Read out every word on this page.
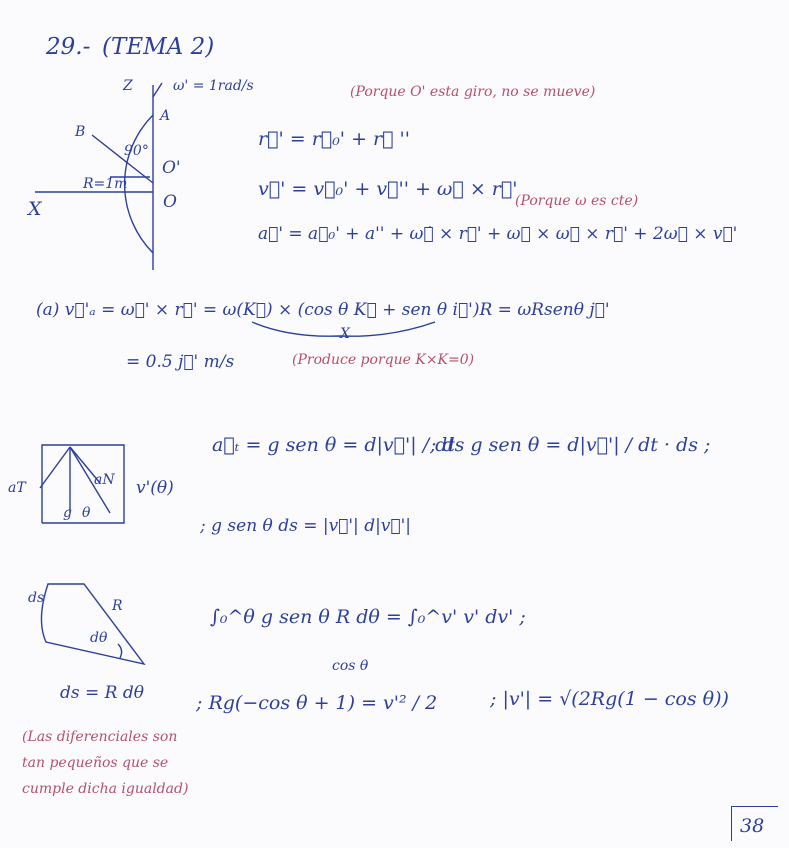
29.- (TEMA 2)
Z	ω' = 1rad/s
A
B
90°
O'
O
R=1m
X
(Porque O' esta giro, no se mueve)
r⃗' = r⃗₀' + r⃗ ''
v⃗' = v⃗₀' + v⃗'' + ω⃗ × r⃗'
(Porque ω es cte)
a⃗' = a⃗₀' + a'' + ω⃗̇ × r⃗' + ω⃗ × ω⃗ × r⃗' + 2ω⃗ × v⃗'
(a) v⃗'ₐ = ω⃗' × r⃗' = ω(K⃗) × (cos θ K⃗ + sen θ i⃗')R = ωRsenθ j⃗'
X
= 0.5 j⃗' m/s	(Produce porque K×K=0)
aT	aN
g θ
v'(θ)
a⃗ₜ = g sen θ = d|v⃗'| / dt
; ds g sen θ = d|v⃗'| / dt · ds ;
; g sen θ ds = |v⃗'| d|v⃗'|
ds	R
dθ
ds = R dθ
(Las diferenciales son tan pequeños que se cumple dicha igualdad)
∫₀^θ g sen θ R dθ = ∫₀^v' v' dv' ;
cos θ
; Rg(−cos θ + 1) = v'² / 2	; |v'| = √(2Rg(1 − cos θ))
38
